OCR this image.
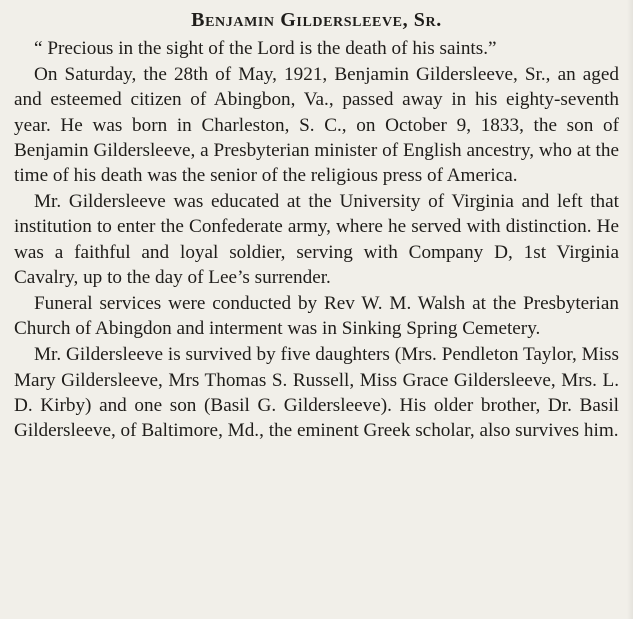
Benjamin Gildersleeve, Sr.

“ Precious in the sight of the Lord is the death of his saints.”

On Saturday, the 28th of May, 1921, Benjamin Gildersleeve, Sr., an aged and esteemed citizen of Abingbon, Va., passed away in his eighty-seventh year. He was born in Charleston, S. C., on October 9, 1833, the son of Benjamin Gildersleeve, a Presbyterian minister of English ancestry, who at the time of his death was the senior of the religious press of America.

Mr. Gildersleeve was educated at the University of Virginia and left that institution to enter the Confederate army, where he served with distinction. He was a faithful and loyal soldier, serving with Company D, 1st Virginia Cavalry, up to the day of Lee’s surrender.

Funeral services were conducted by Rev W. M. Walsh at the Presbyterian Church of Abingdon and interment was in Sinking Spring Cemetery.

Mr. Gildersleeve is survived by five daughters (Mrs. Pendleton Taylor, Miss Mary Gildersleeve, Mrs Thomas S. Russell, Miss Grace Gildersleeve, Mrs. L. D. Kirby) and one son (Basil G. Gildersleeve). His older brother, Dr. Basil Gildersleeve, of Baltimore, Md., the eminent Greek scholar, also survives him.
